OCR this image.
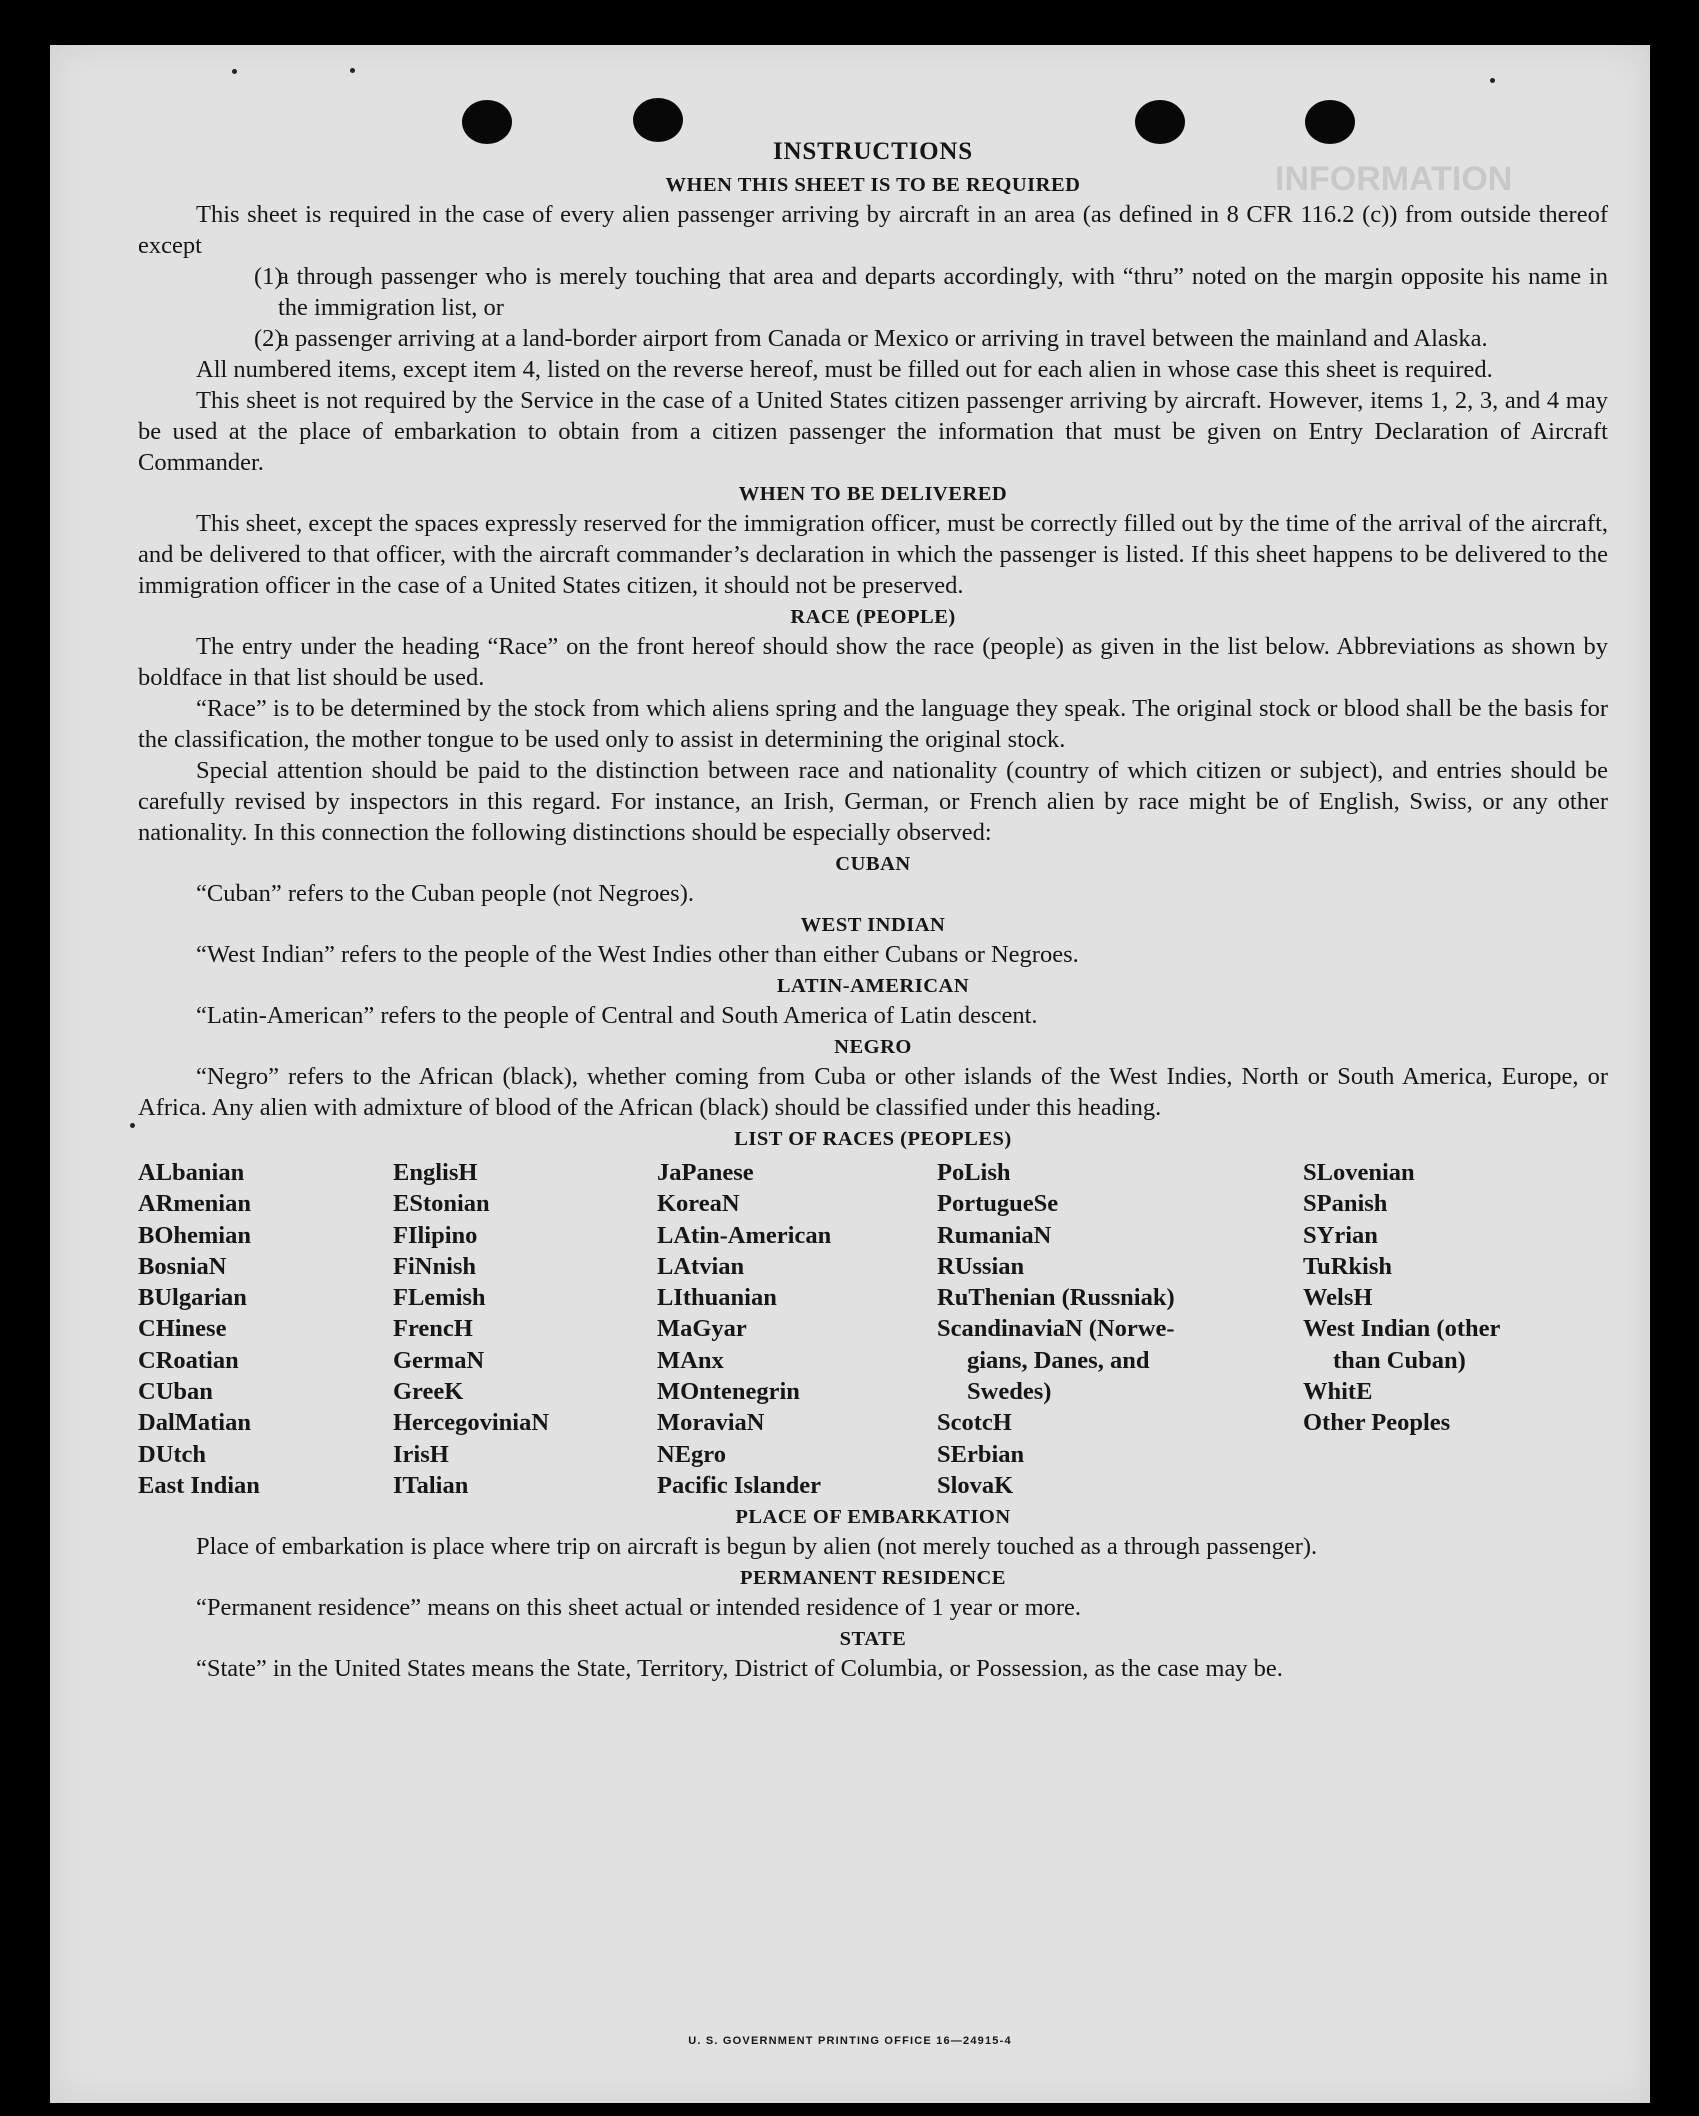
INFORMATION
INSTRUCTIONS
WHEN THIS SHEET IS TO BE REQUIRED

This sheet is required in the case of every alien passenger arriving by aircraft in an area (as defined in 8 CFR 116.2 (c)) from outside thereof except

(1)
a through passenger who is merely touching that area and departs accordingly, with “thru” noted on the margin opposite his name in the immigration list, or
(2)
a passenger arriving at a land-border airport from Canada or Mexico or arriving in travel between the mainland and Alaska.

All numbered items, except item 4, listed on the reverse hereof, must be filled out for each alien in whose case this sheet is required.

This sheet is not required by the Service in the case of a United States citizen passenger arriving by aircraft. However, items 1, 2, 3, and 4 may be used at the place of embarkation to obtain from a citizen passenger the information that must be given on Entry Declaration of Aircraft Commander.

WHEN TO BE DELIVERED

This sheet, except the spaces expressly reserved for the immigration officer, must be correctly filled out by the time of the arrival of the aircraft, and be delivered to that officer, with the aircraft commander’s declaration in which the passenger is listed. If this sheet happens to be delivered to the immigration officer in the case of a United States citizen, it should not be preserved.

RACE (PEOPLE)

The entry under the heading “Race” on the front hereof should show the race (people) as given in the list below. Abbreviations as shown by boldface in that list should be used.

“Race” is to be determined by the stock from which aliens spring and the language they speak. The original stock or blood shall be the basis for the classification, the mother tongue to be used only to assist in determining the original stock.

Special attention should be paid to the distinction between race and nationality (country of which citizen or subject), and entries should be carefully revised by inspectors in this regard. For instance, an Irish, German, or French alien by race might be of English, Swiss, or any other nationality. In this connection the following distinctions should be especially observed:

CUBAN

“Cuban” refers to the Cuban people (not Negroes).

WEST INDIAN

“West Indian” refers to the people of the West Indies other than either Cubans or Negroes.

LATIN-AMERICAN

“Latin-American” refers to the people of Central and South America of Latin descent.

NEGRO

“Negro” refers to the African (black), whether coming from Cuba or other islands of the West Indies, North or South America, Europe, or Africa. Any alien with admixture of blood of the African (black) should be classified under this heading.

LIST OF RACES (PEOPLES)
ALbanian
ARmenian
BOhemian
BosniaN
BUlgarian
CHinese
CRoatian
CUban
DalMatian
DUtch
East Indian
EnglisH
EStonian
FIlipino
FiNnish
FLemish
FrencH
GermaN
GreeK
HercegoviniaN
IrisH
ITalian
JaPanese
KoreaN
LAtin-American
LAtvian
LIthuanian
MaGyar
MAnx
MOntenegrin
MoraviaN
NEgro
Pacific Islander
PoLish
PortugueSe
RumaniaN
RUssian
RuThenian (Russniak)
ScandinaviaN (Norwe-
gians, Danes, and
Swedes)
ScotcH
SErbian
SlovaK
SLovenian
SPanish
SYrian
TuRkish
WelsH
West Indian (other
than Cuban)
WhitE
Other Peoples
PLACE OF EMBARKATION

Place of embarkation is place where trip on aircraft is begun by alien (not merely touched as a through passenger).

PERMANENT RESIDENCE

“Permanent residence” means on this sheet actual or intended residence of 1 year or more.

STATE

“State” in the United States means the State, Territory, District of Columbia, or Possession, as the case may be.

U. S. GOVERNMENT PRINTING OFFICE 16—24915-4
